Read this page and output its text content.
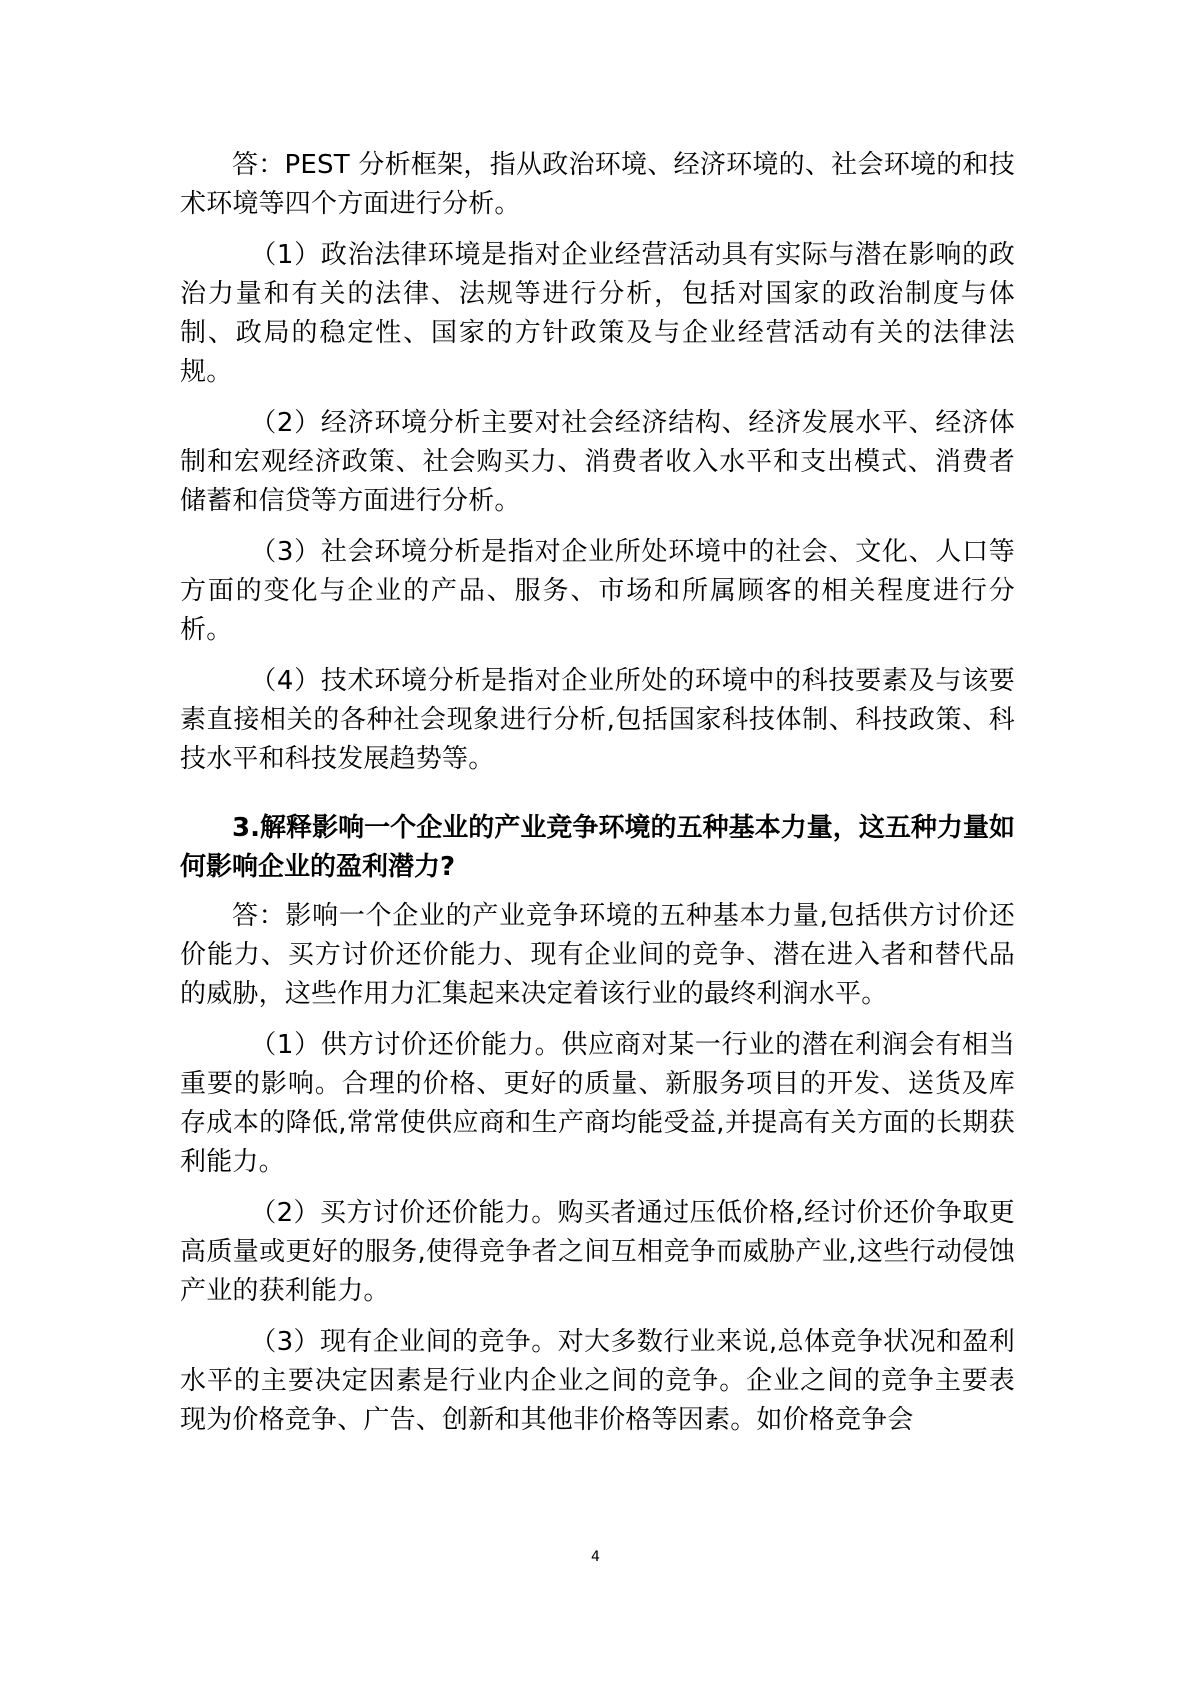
答：PEST 分析框架，指从政治环境、经济环境的、社会环境的和技术环境等四个方面进行分析。

（1）政治法律环境是指对企业经营活动具有实际与潜在影响的政治力量和有关的法律、法规等进行分析，包括对国家的政治制度与体制、政局的稳定性、国家的方针政策及与企业经营活动有关的法律法规。

（2）经济环境分析主要对社会经济结构、经济发展水平、经济体制和宏观经济政策、社会购买力、消费者收入水平和支出模式、消费者储蓄和信贷等方面进行分析。

（3）社会环境分析是指对企业所处环境中的社会、文化、人口等方面的变化与企业的产品、服务、市场和所属顾客的相关程度进行分析。

（4）技术环境分析是指对企业所处的环境中的科技要素及与该要素直接相关的各种社会现象进行分析,包括国家科技体制、科技政策、科技水平和科技发展趋势等。

3.解释影响一个企业的产业竞争环境的五种基本力量，这五种力量如何影响企业的盈利潜力?

答：影响一个企业的产业竞争环境的五种基本力量,包括供方讨价还价能力、买方讨价还价能力、现有企业间的竞争、潜在进入者和替代品的威胁，这些作用力汇集起来决定着该行业的最终利润水平。

（1）供方讨价还价能力。供应商对某一行业的潜在利润会有相当重要的影响。合理的价格、更好的质量、新服务项目的开发、送货及库存成本的降低,常常使供应商和生产商均能受益,并提高有关方面的长期获利能力。

（2）买方讨价还价能力。购买者通过压低价格,经讨价还价争取更高质量或更好的服务,使得竞争者之间互相竞争而威胁产业,这些行动侵蚀产业的获利能力。

（3）现有企业间的竞争。对大多数行业来说,总体竞争状况和盈利水平的主要决定因素是行业内企业之间的竞争。企业之间的竞争主要表现为价格竞争、广告、创新和其他非价格等因素。如价格竞争会

4
